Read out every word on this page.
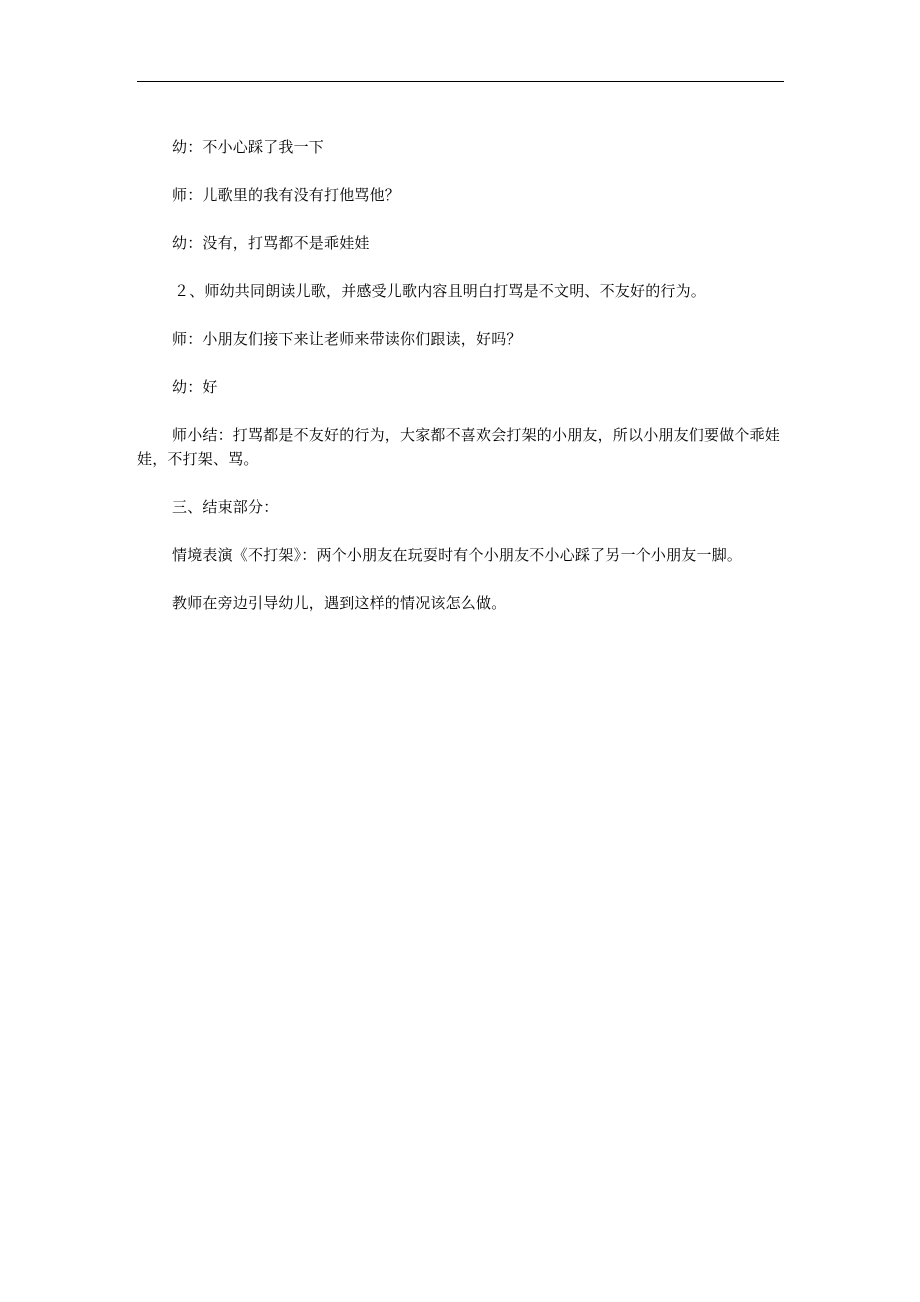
幼：不小心踩了我一下

师：儿歌里的我有没有打他骂他？

幼：没有，打骂都不是乖娃娃

２、师幼共同朗读儿歌，并感受儿歌内容且明白打骂是不文明、不友好的行为。

师：小朋友们接下来让老师来带读你们跟读，好吗？

幼：好

师小结：打骂都是不友好的行为，大家都不喜欢会打架的小朋友，所以小朋友们要做个乖娃娃，不打架、骂。

三、结束部分：

情境表演《不打架》：两个小朋友在玩耍时有个小朋友不小心踩了另一个小朋友一脚。

教师在旁边引导幼儿，遇到这样的情况该怎么做。
